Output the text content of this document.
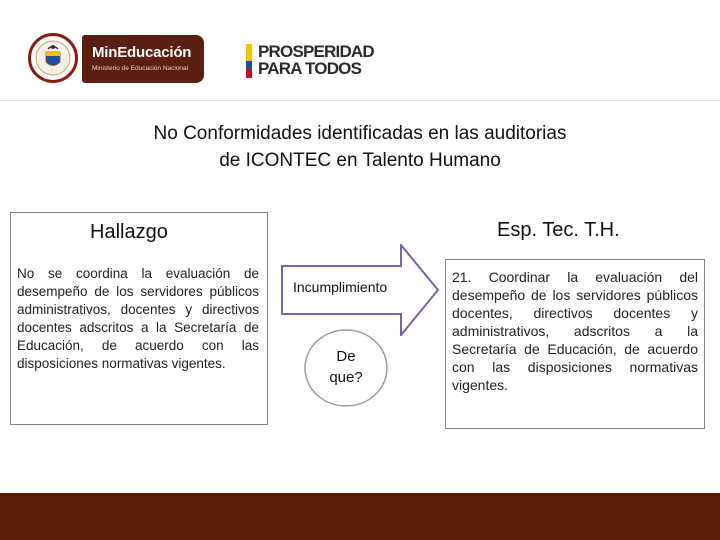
MinEducación
Ministerio de Educación Nacional
PROSPERIDAD
PARA TODOS
No Conformidades identificadas en las auditorias
de ICONTEC en Talento Humano
Hallazgo
No se coordina la evaluación de desempeño de los servidores públicos administrativos, docentes y directivos docentes adscritos a la Secretaría de Educación, de acuerdo con las disposiciones normativas vigentes.
Incumplimiento
De
que?
Esp. Tec. T.H.
21. Coordinar la evaluación del desempeño de los servidores públicos docentes, directivos docentes y administrativos, adscritos a la Secretaría de Educación, de acuerdo con las disposiciones normativas vigentes.
